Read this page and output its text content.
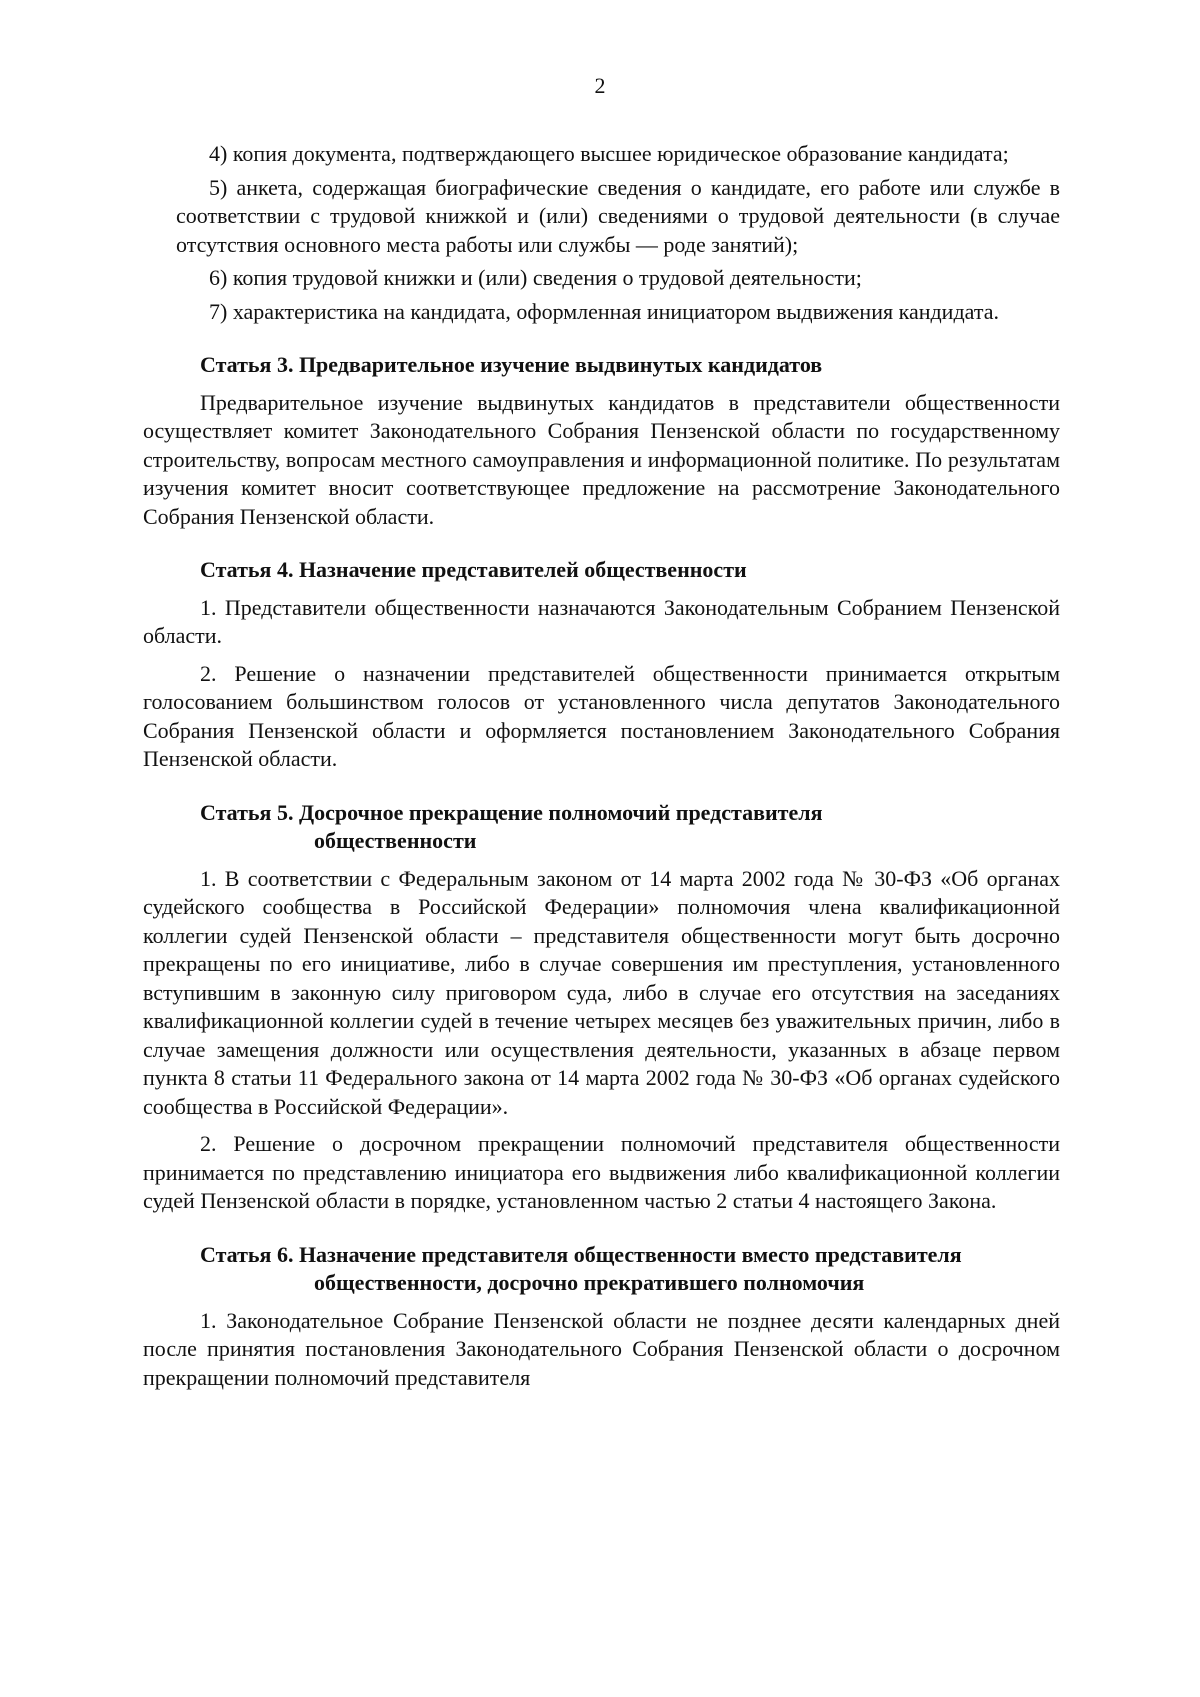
2

4) копия документа, подтверждающего высшее юридическое образование кандидата;

5) анкета, содержащая биографические сведения о кандидате, его работе или службе в соответствии с трудовой книжкой и (или) сведениями о трудовой деятельности (в случае отсутствия основного места работы или службы — роде занятий);

6) копия трудовой книжки и (или) сведения о трудовой деятельности;

7) характеристика на кандидата, оформленная инициатором выдвижения кандидата.

Статья 3. Предварительное изучение выдвинутых кандидатов

Предварительное изучение выдвинутых кандидатов в представители общественности осуществляет комитет Законодательного Собрания Пензенской области по государственному строительству, вопросам местного самоуправления и информационной политике. По результатам изучения комитет вносит соответствующее предложение на рассмотрение Законодательного Собрания Пензенской области.

Статья 4. Назначение представителей общественности

1. Представители общественности назначаются Законодательным Собранием Пензенской области.

2. Решение о назначении представителей общественности принимается открытым голосованием большинством голосов от установленного числа депутатов Законодательного Собрания Пензенской области и оформляется постановлением Законодательного Собрания Пензенской области.

Статья 5. Досрочное прекращение полномочий представителя
общественности

1. В соответствии с Федеральным законом от 14 марта 2002 года № 30-ФЗ «Об органах судейского сообщества в Российской Федерации» полномочия члена квалификационной коллегии судей Пензенской области – представителя общественности могут быть досрочно прекращены по его инициативе, либо в случае совершения им преступления, установленного вступившим в законную силу приговором суда, либо в случае его отсутствия на заседаниях квалификационной коллегии судей в течение четырех месяцев без уважительных причин, либо в случае замещения должности или осуществления деятельности, указанных в абзаце первом пункта 8 статьи 11 Федерального закона от 14 марта 2002 года № 30-ФЗ «Об органах судейского сообщества в Российской Федерации».

2. Решение о досрочном прекращении полномочий представителя общественности принимается по представлению инициатора его выдвижения либо квалификационной коллегии судей Пензенской области в порядке, установленном частью 2 статьи 4 настоящего Закона.

Статья 6. Назначение представителя общественности вместо представителя
общественности, досрочно прекратившего полномочия

1. Законодательное Собрание Пензенской области не позднее десяти календарных дней после принятия постановления Законодательного Собрания Пензенской области о досрочном прекращении полномочий представителя
